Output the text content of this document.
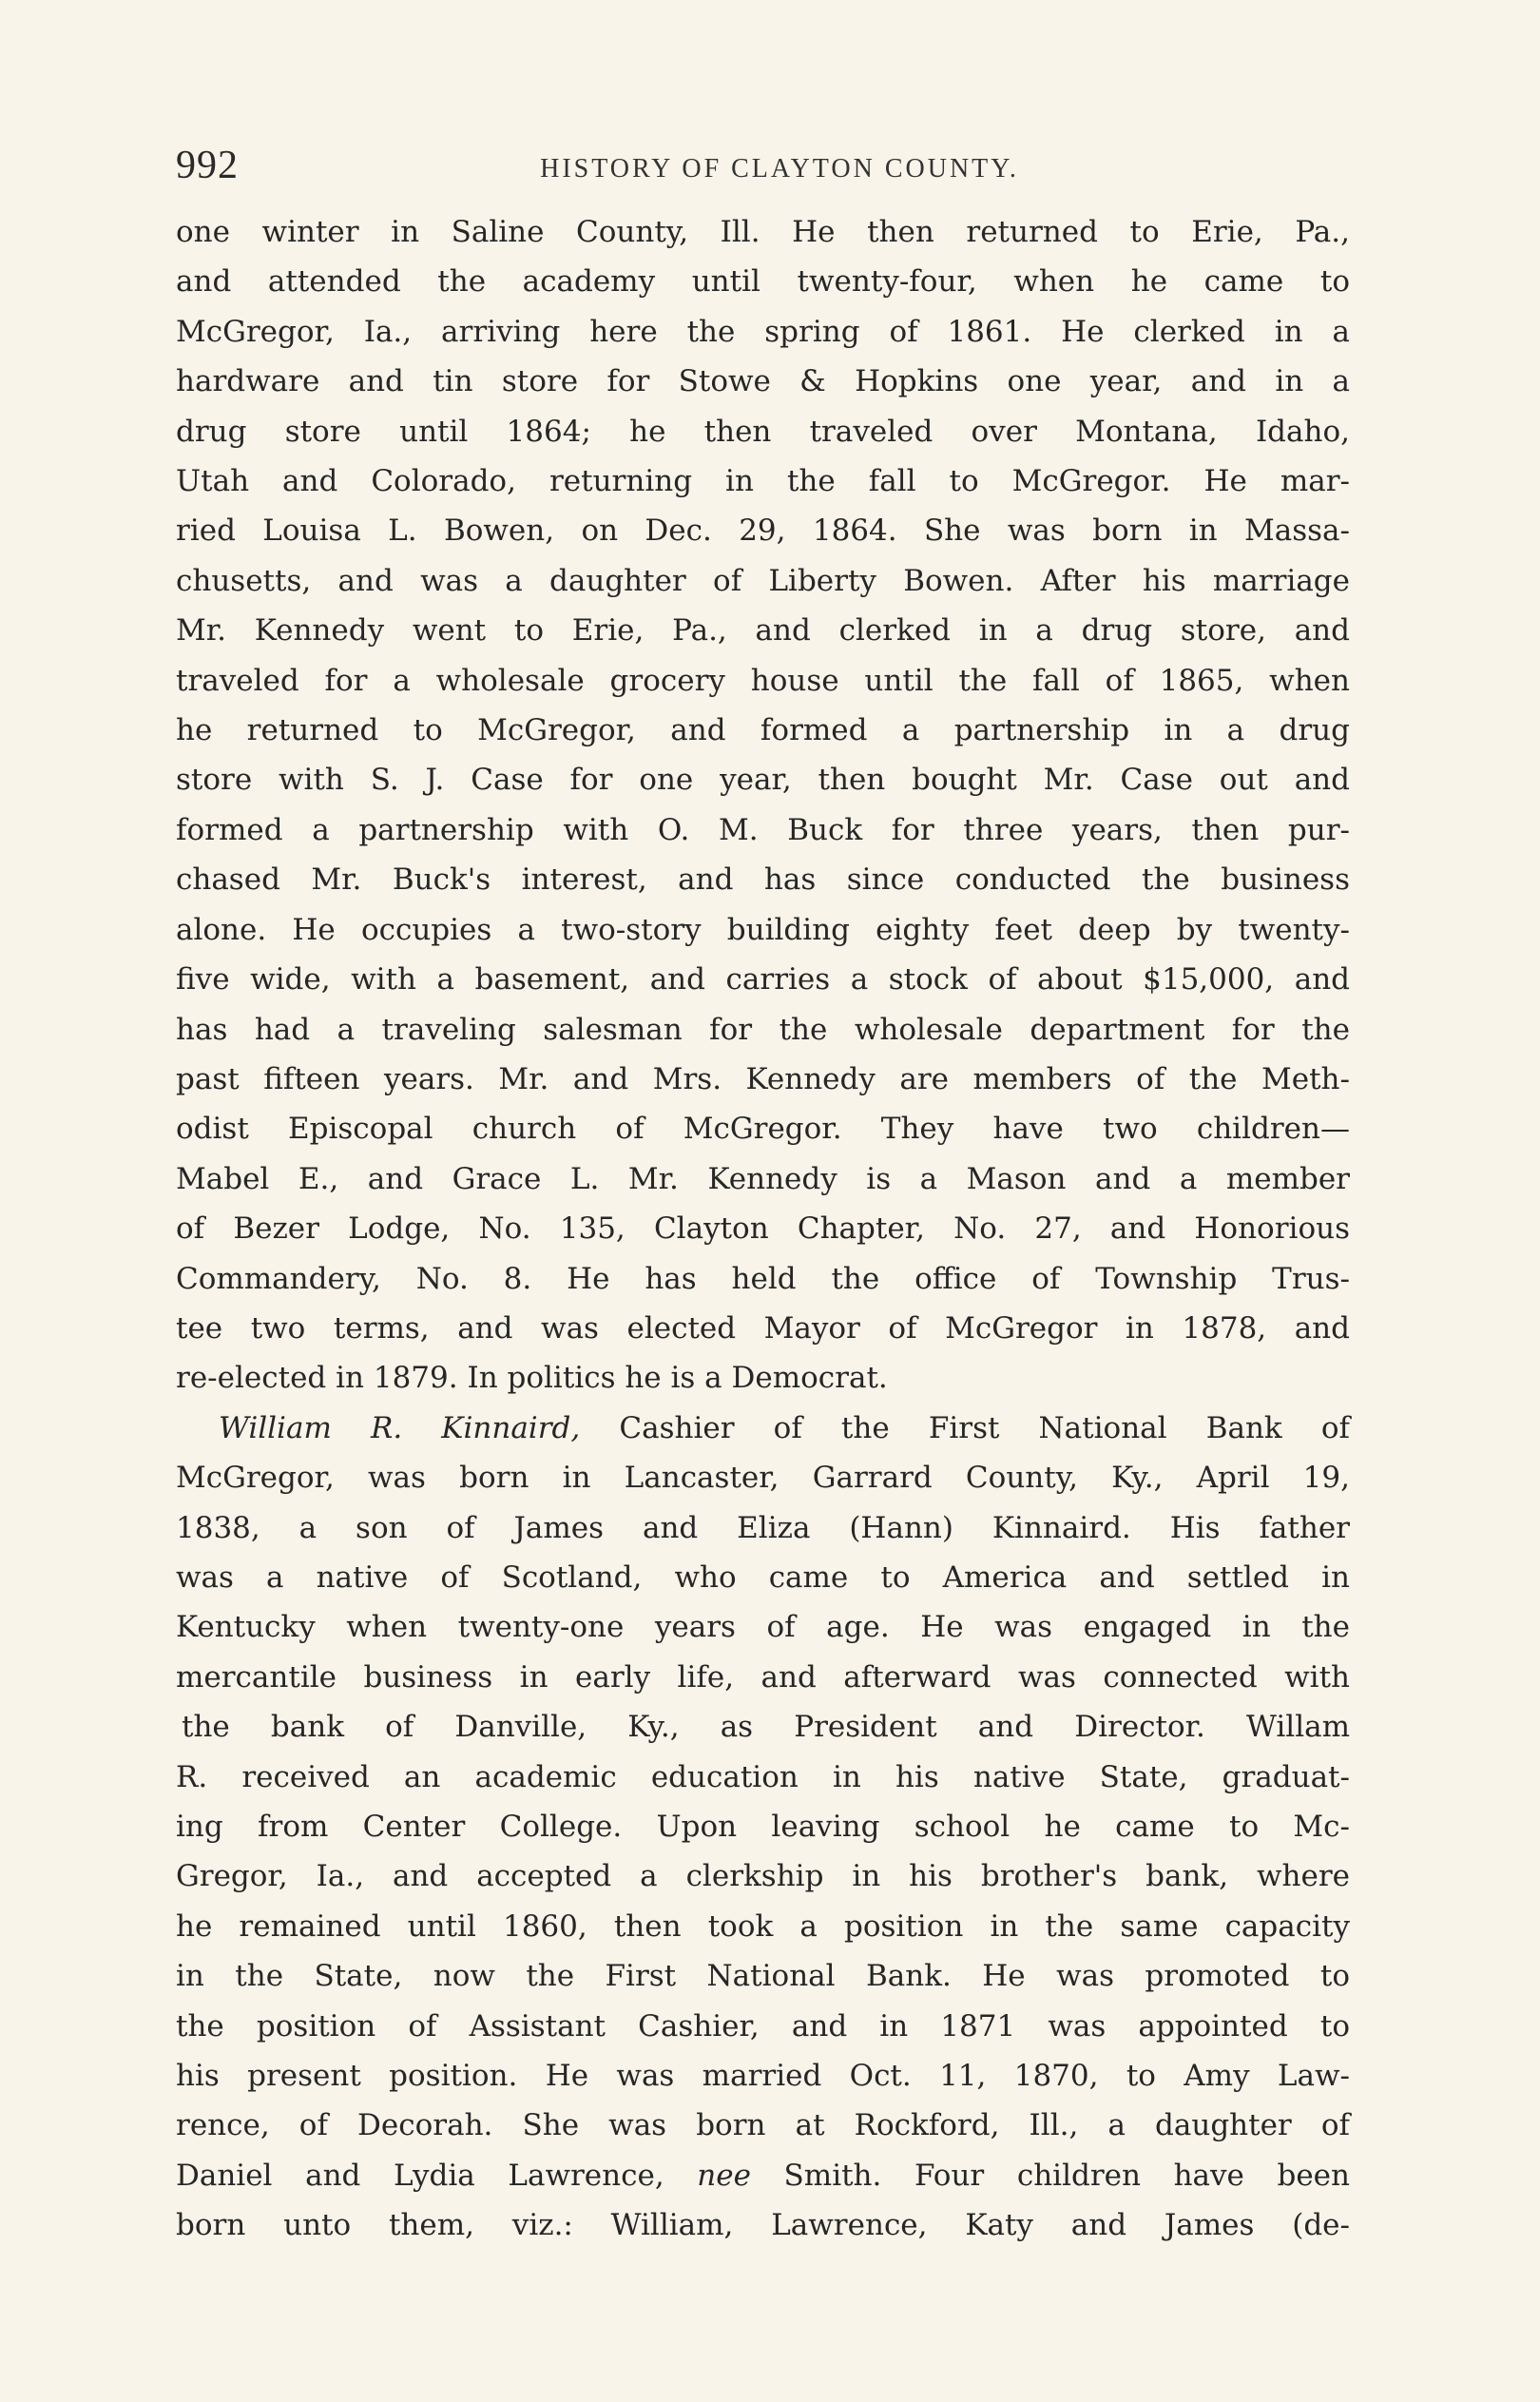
992	HISTORY OF CLAYTON COUNTY.
one winter in Saline County, Ill. He then returned to Erie, Pa.,
and attended the academy until twenty-four, when he came to
McGregor, Ia., arriving here the spring of 1861. He clerked in a
hardware and tin store for Stowe & Hopkins one year, and in a
drug store until 1864; he then traveled over Montana, Idaho,
Utah and Colorado, returning in the fall to McGregor. He mar-
ried Louisa L. Bowen, on Dec. 29, 1864. She was born in Massa-
chusetts, and was a daughter of Liberty Bowen. After his marriage
Mr. Kennedy went to Erie, Pa., and clerked in a drug store, and
traveled for a wholesale grocery house until the fall of 1865, when
he returned to McGregor, and formed a partnership in a drug
store with S. J. Case for one year, then bought Mr. Case out and
formed a partnership with O. M. Buck for three years, then pur-
chased Mr. Buck's interest, and has since conducted the business
alone. He occupies a two-story building eighty feet deep by twenty-
five wide, with a basement, and carries a stock of about $15,000, and
has had a traveling salesman for the wholesale department for the
past fifteen years. Mr. and Mrs. Kennedy are members of the Meth-
odist Episcopal church of McGregor. They have two children—
Mabel E., and Grace L. Mr. Kennedy is a Mason and a member
of Bezer Lodge, No. 135, Clayton Chapter, No. 27, and Honorious
Commandery, No. 8. He has held the office of Township Trus-
tee two terms, and was elected Mayor of McGregor in 1878, and
re-elected in 1879. In politics he is a Democrat.
William R. Kinnaird, Cashier of the First National Bank of
McGregor, was born in Lancaster, Garrard County, Ky., April 19,
1838, a son of James and Eliza (Hann) Kinnaird. His father
was a native of Scotland, who came to America and settled in
Kentucky when twenty-one years of age. He was engaged in the
mercantile business in early life, and afterward was connected with
the bank of Danville, Ky., as President and Director. Willam
R. received an academic education in his native State, graduat-
ing from Center College. Upon leaving school he came to Mc-
Gregor, Ia., and accepted a clerkship in his brother's bank, where
he remained until 1860, then took a position in the same capacity
in the State, now the First National Bank. He was promoted to
the position of Assistant Cashier, and in 1871 was appointed to
his present position. He was married Oct. 11, 1870, to Amy Law-
rence, of Decorah. She was born at Rockford, Ill., a daughter of
Daniel and Lydia Lawrence, nee Smith. Four children have been
born unto them, viz.: William, Lawrence, Katy and James (de-
